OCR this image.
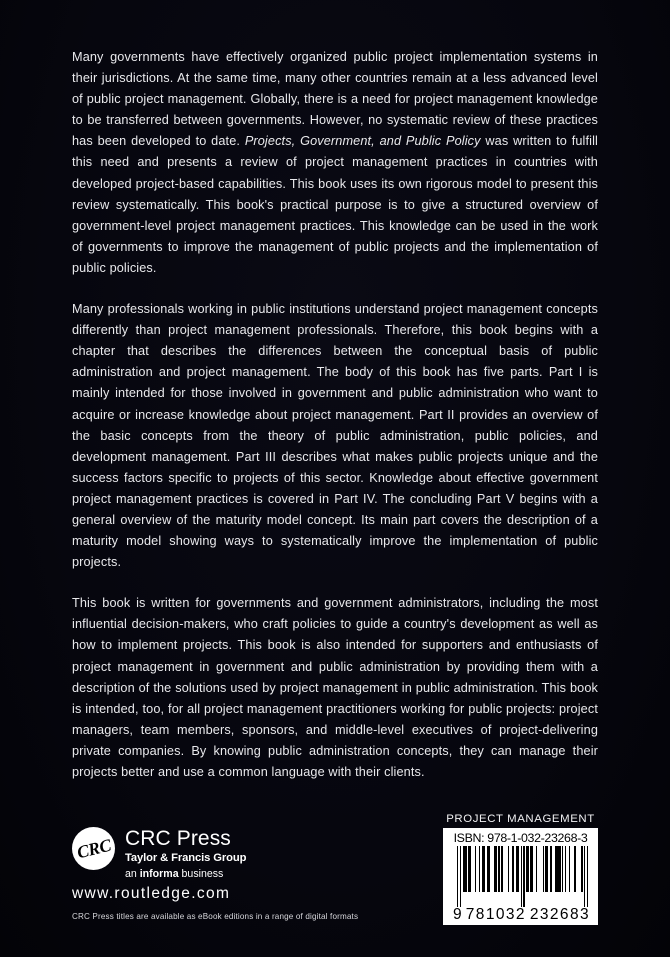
Many governments have effectively organized public project implementation systems in their jurisdictions. At the same time, many other countries remain at a less advanced level of public project management. Globally, there is a need for project management knowledge to be transferred between governments. However, no systematic review of these practices has been developed to date. Projects, Government, and Public Policy was written to fulfill this need and presents a review of project management practices in countries with developed project-based capabilities. This book uses its own rigorous model to present this review systematically. This book's practical purpose is to give a structured overview of government-level project management practices. This knowledge can be used in the work of governments to improve the management of public projects and the implementation of public policies.

Many professionals working in public institutions understand project management concepts differently than project management professionals. Therefore, this book begins with a chapter that describes the differences between the conceptual basis of public administration and project management. The body of this book has five parts. Part I is mainly intended for those involved in government and public administration who want to acquire or increase knowledge about project management. Part II provides an overview of the basic concepts from the theory of public administration, public policies, and development management. Part III describes what makes public projects unique and the success factors specific to projects of this sector. Knowledge about effective government project management practices is covered in Part IV. The concluding Part V begins with a general overview of the maturity model concept. Its main part covers the description of a maturity model showing ways to systematically improve the implementation of public projects.

This book is written for governments and government administrators, including the most influential decision-makers, who craft policies to guide a country's development as well as how to implement projects. This book is also intended for supporters and enthusiasts of project management in government and public administration by providing them with a description of the solutions used by project management in public administration. This book is intended, too, for all project management practitioners working for public projects: project managers, team members, sponsors, and middle-level executives of project-delivering private companies. By knowing public administration concepts, they can manage their projects better and use a common language with their clients.

CRC CRC Press
Taylor & Francis Group
an informa business
www.routledge.com
CRC Press titles are available as eBook editions in a range of digital formats
PROJECT MANAGEMENT
ISBN: 978-1-032-23268-3
9 781032 232683
